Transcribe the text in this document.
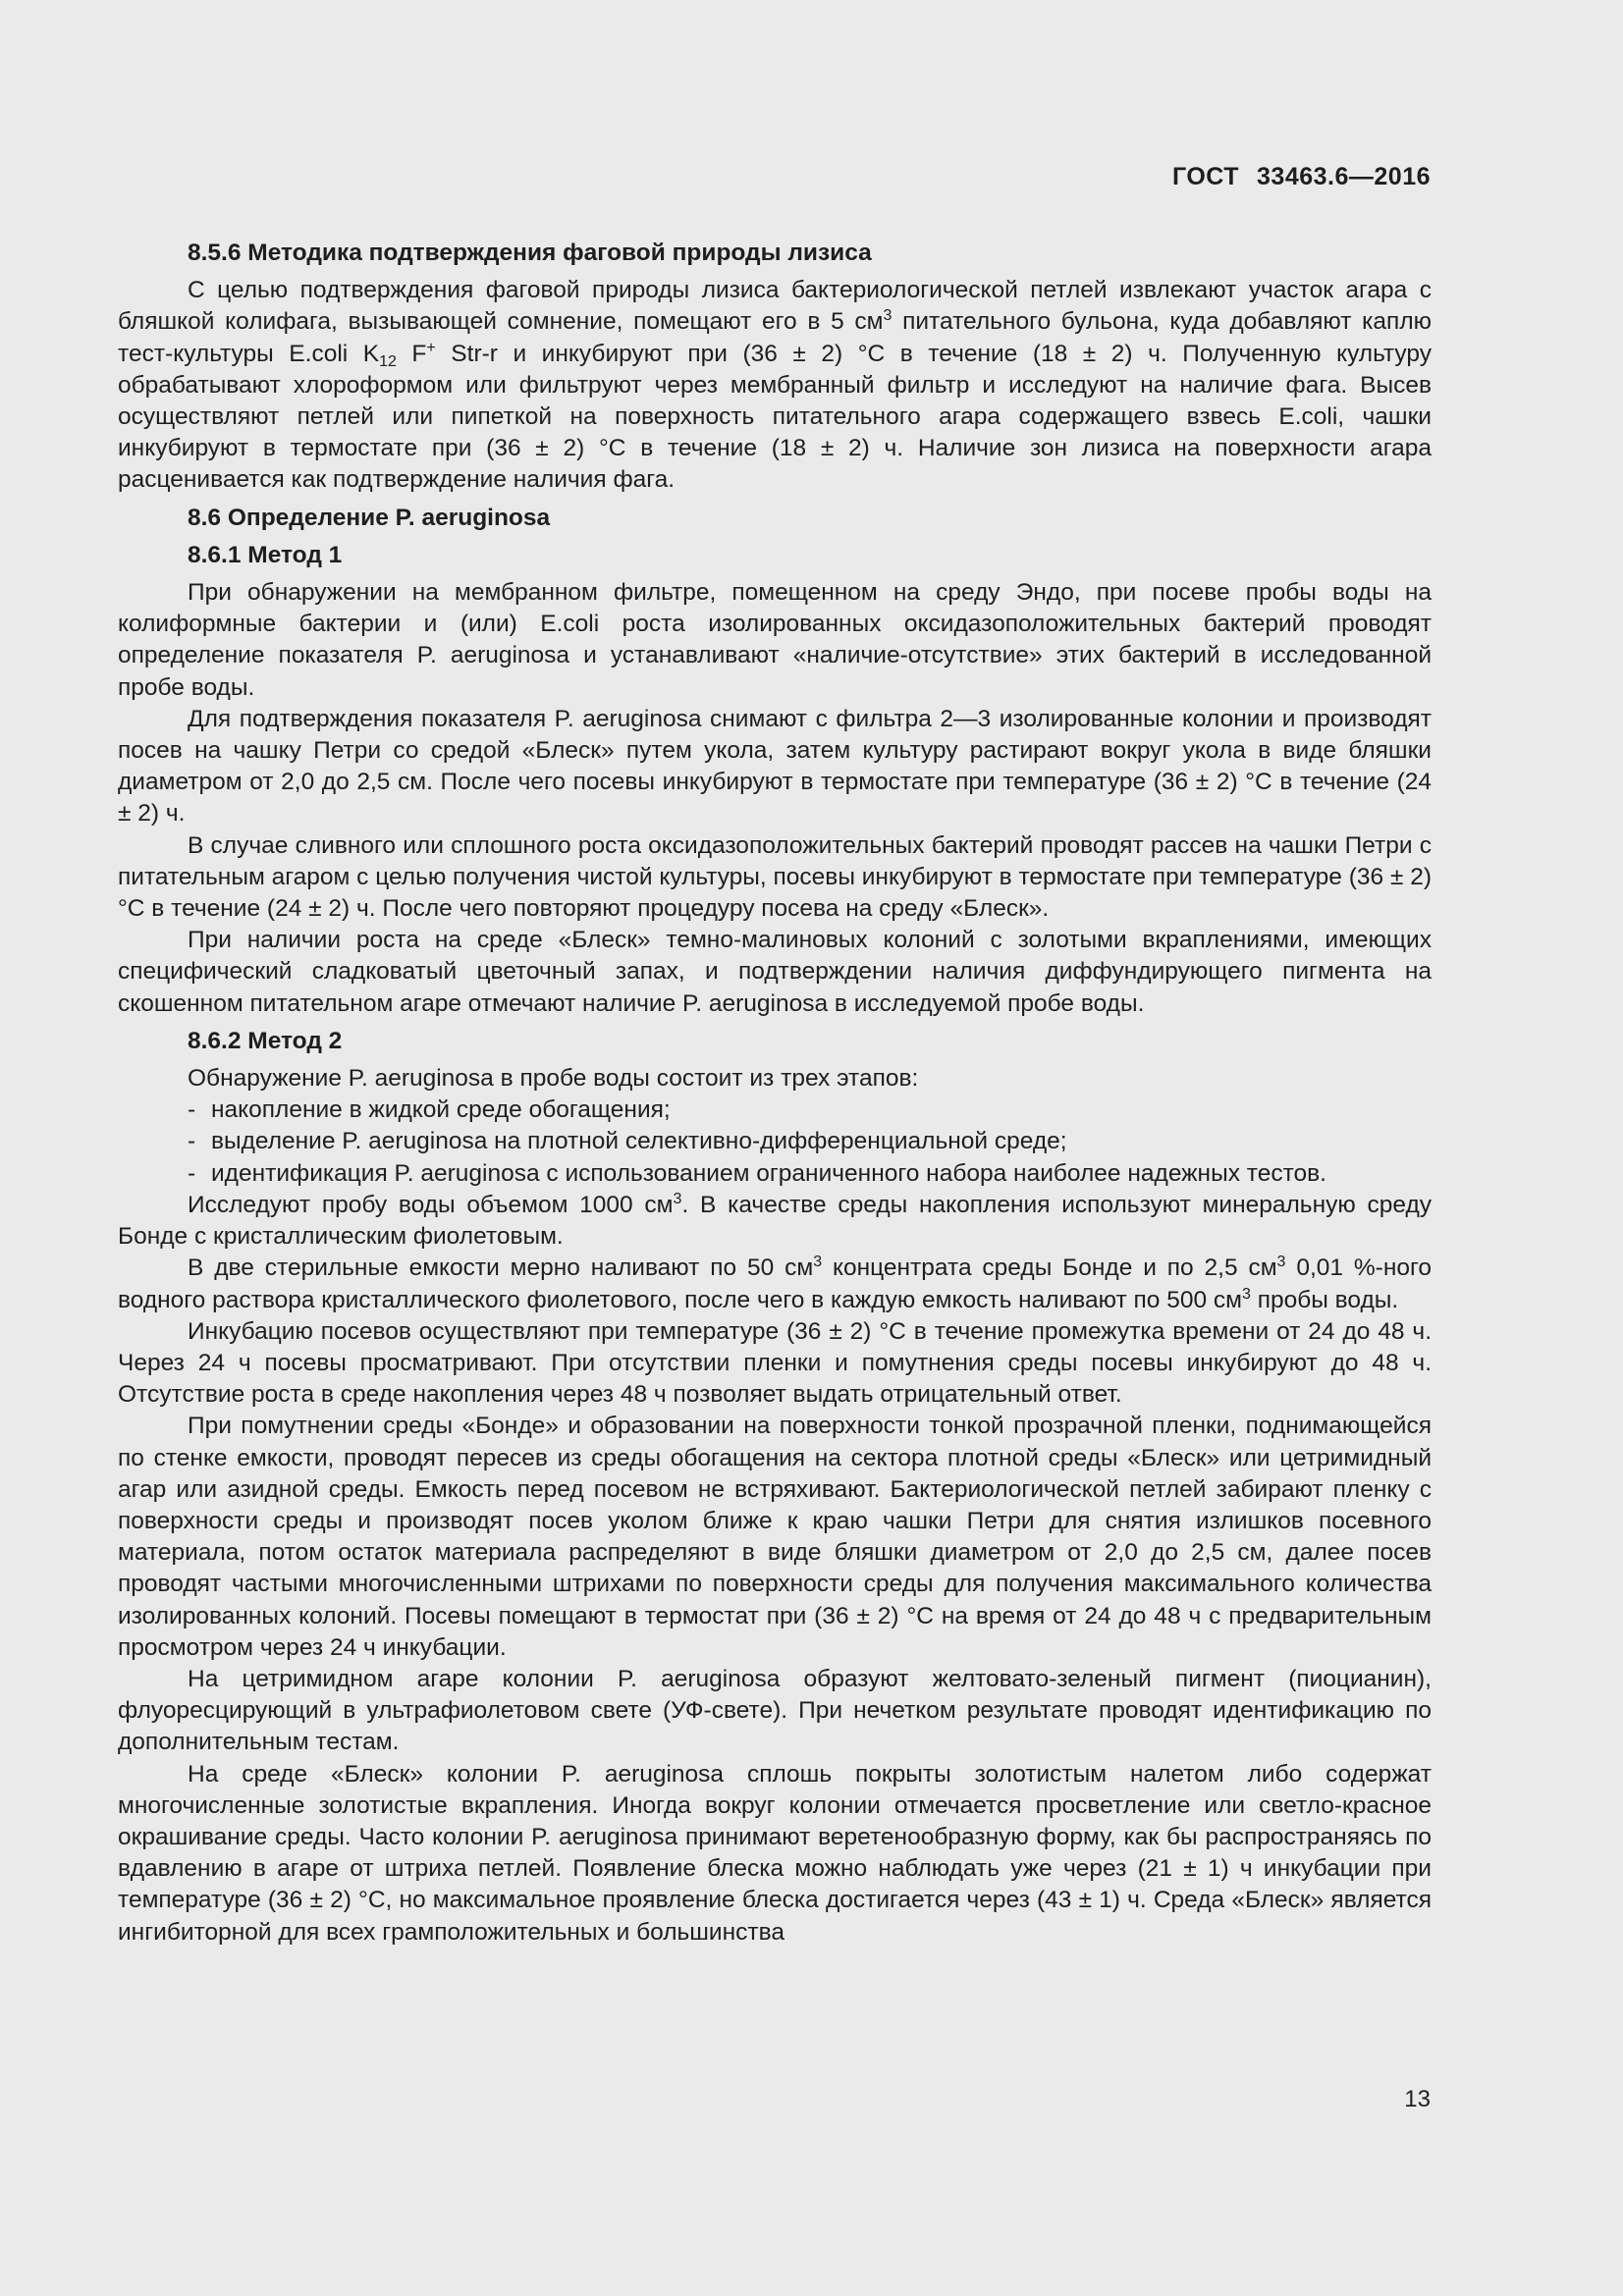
ГОСТ 33463.6—2016

8.5.6 Методика подтверждения фаговой природы лизиса

С целью подтверждения фаговой природы лизиса бактериологической петлей извлекают участок агара с бляшкой колифага, вызывающей сомнение, помещают его в 5 $см^3$ питательного бульона, куда добавляют каплю тест-культуры E.coli $K_{12}$ F+ Str-r и инкубируют при (36 ± 2) °С в течение (18 ± 2) ч. Полученную культуру обрабатывают хлороформом или фильтруют через мембранный фильтр и исследуют на наличие фага. Высев осуществляют петлей или пипеткой на поверхность питательного агара содержащего взвесь E.coli, чашки инкубируют в термостате при (36 ± 2) °С в течение (18 ± 2) ч. Наличие зон лизиса на поверхности агара расценивается как подтверждение наличия фага.

8.6 Определение P. aeruginosa

8.6.1 Метод 1

При обнаружении на мембранном фильтре, помещенном на среду Эндо, при посеве пробы воды на колиформные бактерии и (или) E.coli роста изолированных оксидазоположительных бактерий проводят определение показателя P. aeruginosa и устанавливают «наличие-отсутствие» этих бактерий в исследованной пробе воды.

Для подтверждения показателя P. aeruginosa снимают с фильтра 2—3 изолированные колонии и производят посев на чашку Петри со средой «Блеск» путем укола, затем культуру растирают вокруг укола в виде бляшки диаметром от 2,0 до 2,5 см. После чего посевы инкубируют в термостате при температуре (36 ± 2) °С в течение (24 ± 2) ч.

В случае сливного или сплошного роста оксидазоположительных бактерий проводят рассев на чашки Петри с питательным агаром с целью получения чистой культуры, посевы инкубируют в термостате при температуре (36 ± 2) °С в течение (24 ± 2) ч. После чего повторяют процедуру посева на среду «Блеск».

При наличии роста на среде «Блеск» темно-малиновых колоний с золотыми вкраплениями, имеющих специфический сладковатый цветочный запах, и подтверждении наличия диффундирующего пигмента на скошенном питательном агаре отмечают наличие P. aeruginosa в исследуемой пробе воды.

8.6.2 Метод 2

Обнаружение P. aeruginosa в пробе воды состоит из трех этапов:

- накопление в жидкой среде обогащения;

- выделение P. aeruginosa на плотной селективно-дифференциальной среде;

- идентификация P. aeruginosa с использованием ограниченного набора наиболее надежных тестов.

Исследуют пробу воды объемом 1000 $см^3$. В качестве среды накопления используют минеральную среду Бонде с кристаллическим фиолетовым.

В две стерильные емкости мерно наливают по 50 $см^3$ концентрата среды Бонде и по 2,5 $см^3$ 0,01 %-ного водного раствора кристаллического фиолетового, после чего в каждую емкость наливают по 500 $см^3$ пробы воды.

Инкубацию посевов осуществляют при температуре (36 ± 2) °С в течение промежутка времени от 24 до 48 ч. Через 24 ч посевы просматривают. При отсутствии пленки и помутнения среды посевы инкубируют до 48 ч. Отсутствие роста в среде накопления через 48 ч позволяет выдать отрицательный ответ.

При помутнении среды «Бонде» и образовании на поверхности тонкой прозрачной пленки, поднимающейся по стенке емкости, проводят пересев из среды обогащения на сектора плотной среды «Блеск» или цетримидный агар или азидной среды. Емкость перед посевом не встряхивают. Бактериологической петлей забирают пленку с поверхности среды и производят посев уколом ближе к краю чашки Петри для снятия излишков посевного материала, потом остаток материала распределяют в виде бляшки диаметром от 2,0 до 2,5 см, далее посев проводят частыми многочисленными штрихами по поверхности среды для получения максимального количества изолированных колоний. Посевы помещают в термостат при (36 ± 2) °С на время от 24 до 48 ч с предварительным просмотром через 24 ч инкубации.

На цетримидном агаре колонии P. aeruginosa образуют желтовато-зеленый пигмент (пиоцианин), флуоресцирующий в ультрафиолетовом свете (УФ-свете). При нечетком результате проводят идентификацию по дополнительным тестам.

На среде «Блеск» колонии P. aeruginosa сплошь покрыты золотистым налетом либо содержат многочисленные золотистые вкрапления. Иногда вокруг колонии отмечается просветление или светло-красное окрашивание среды. Часто колонии P. aeruginosa принимают веретенообразную форму, как бы распространяясь по вдавлению в агаре от штриха петлей. Появление блеска можно наблюдать уже через (21 ± 1) ч инкубации при температуре (36 ± 2) °С, но максимальное проявление блеска достигается через (43 ± 1) ч. Среда «Блеск» является ингибиторной для всех грамположительных и большинства

13
